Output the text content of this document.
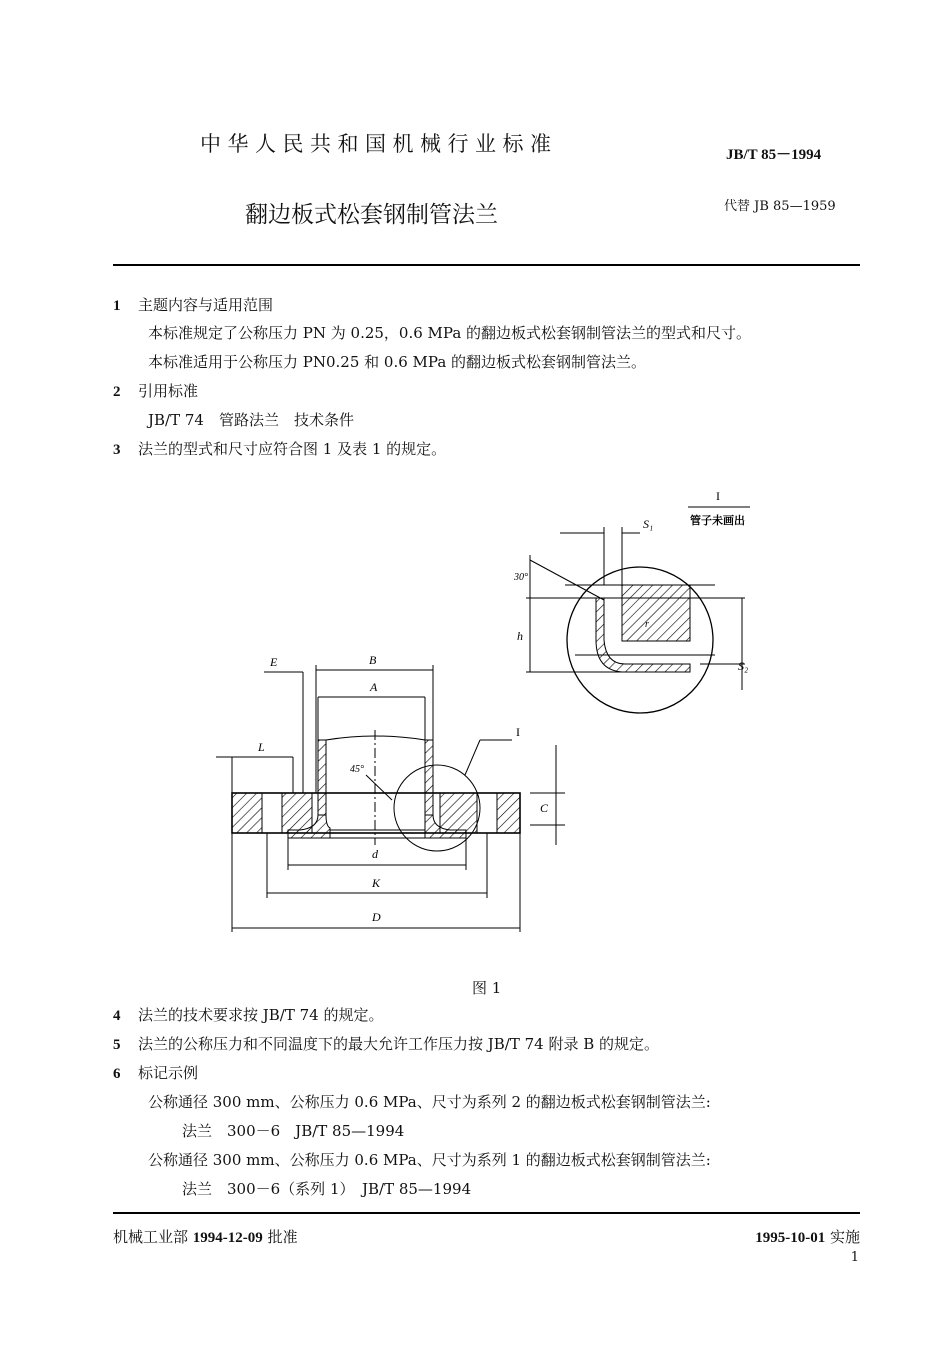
中华人民共和国机械行业标准	JB/T 85－1994
翻边板式松套钢制管法兰	代替 JB 85—1959
1 主题内容与适用范围
本标准规定了公称压力 PN 为 0.25，0.6 MPa 的翻边板式松套钢制管法兰的型式和尺寸。
本标准适用于公称压力 PN0.25 和 0.6 MPa 的翻边板式松套钢制管法兰。
2 引用标准
JB/T 74　管路法兰　技术条件
3 法兰的型式和尺寸应符合图 1 及表 1 的规定。
E	B
A
L
I
C
d
K
D
45°
I
管子未画出
S₁
S₂
h
30°
r
图 1
4 法兰的技术要求按 JB/T 74 的规定。
5 法兰的公称压力和不同温度下的最大允许工作压力按 JB/T 74 附录 B 的规定。
6 标记示例
公称通径 300 mm、公称压力 0.6 MPa、尺寸为系列 2 的翻边板式松套钢制管法兰:
法兰　300－6　JB/T 85—1994
公称通径 300 mm、公称压力 0.6 MPa、尺寸为系列 1 的翻边板式松套钢制管法兰:
法兰　300－6（系列 1）　JB/T 85—1994
机械工业部 1994-12-09 批准	1995-10-01 实施
1
